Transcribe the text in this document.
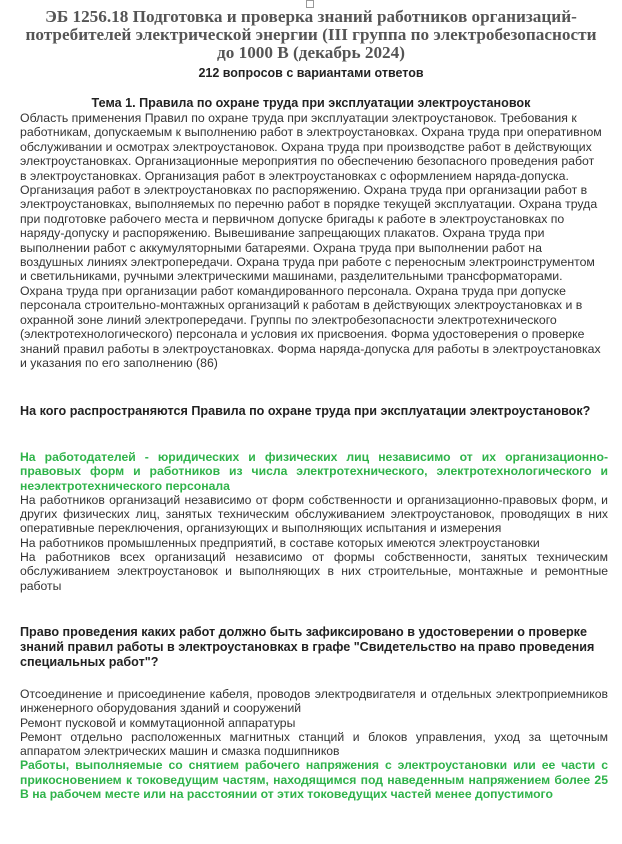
ЭБ 1256.18 Подготовка и проверка знаний работников организаций-потребителей электрической энергии (III группа по электробезопасности до 1000 В (декабрь 2024)
212 вопросов с вариантами ответов
Тема 1. Правила по охране труда при эксплуатации электроустановок
Область применения Правил по охране труда при эксплуатации электроустановок. Требования к работникам, допускаемым к выполнению работ в электроустановках. Охрана труда при оперативном обслуживании и осмотрах электроустановок. Охрана труда при производстве работ в действующих электроустановках. Организационные мероприятия по обеспечению безопасного проведения работ в электроустановках. Организация работ в электроустановках с оформлением наряда-допуска. Организация работ в электроустановках по распоряжению. Охрана труда при организации работ в электроустановках, выполняемых по перечню работ в порядке текущей эксплуатации. Охрана труда при подготовке рабочего места и первичном допуске бригады к работе в электроустановках по наряду-допуску и распоряжению. Вывешивание запрещающих плакатов. Охрана труда при выполнении работ с аккумуляторными батареями. Охрана труда при выполнении работ на воздушных линиях электропередачи. Охрана труда при работе с переносным электроинструментом и светильниками, ручными электрическими машинами, разделительными трансформаторами. Охрана труда при организации работ командированного персонала. Охрана труда при допуске персонала строительно-монтажных организаций к работам в действующих электроустановках и в охранной зоне линий электропередачи. Группы по электробезопасности электротехнического (электротехнологического) персонала и условия их присвоения. Форма удостоверения о проверке знаний правил работы в электроустановках. Форма наряда-допуска для работы в электроустановках и указания по его заполнению (86)
На кого распространяются Правила по охране труда при эксплуатации электроустановок?

На работодателей - юридических и физических лиц независимо от их организационно-правовых форм и работников из числа электротехнического, электротехнологического и неэлектротехнического персонала

На работников организаций независимо от форм собственности и организационно-правовых форм, и других физических лиц, занятых техническим обслуживанием электроустановок, проводящих в них оперативные переключения, организующих и выполняющих испытания и измерения

На работников промышленных предприятий, в составе которых имеются электроустановки

На работников всех организаций независимо от формы собственности, занятых техническим обслуживанием электроустановок и выполняющих в них строительные, монтажные и ремонтные работы

Право проведения каких работ должно быть зафиксировано в удостоверении о проверке знаний правил работы в электроустановках в графе "Свидетельство на право проведения специальных работ"?

Отсоединение и присоединение кабеля, проводов электродвигателя и отдельных электроприемников инженерного оборудования зданий и сооружений

Ремонт пусковой и коммутационной аппаратуры

Ремонт отдельно расположенных магнитных станций и блоков управления, уход за щеточным аппаратом электрических машин и смазка подшипников

Работы, выполняемые со снятием рабочего напряжения с электроустановки или ее части с прикосновением к токоведущим частям, находящимся под наведенным напряжением более 25 В на рабочем месте или на расстоянии от этих токоведущих частей менее допустимого
